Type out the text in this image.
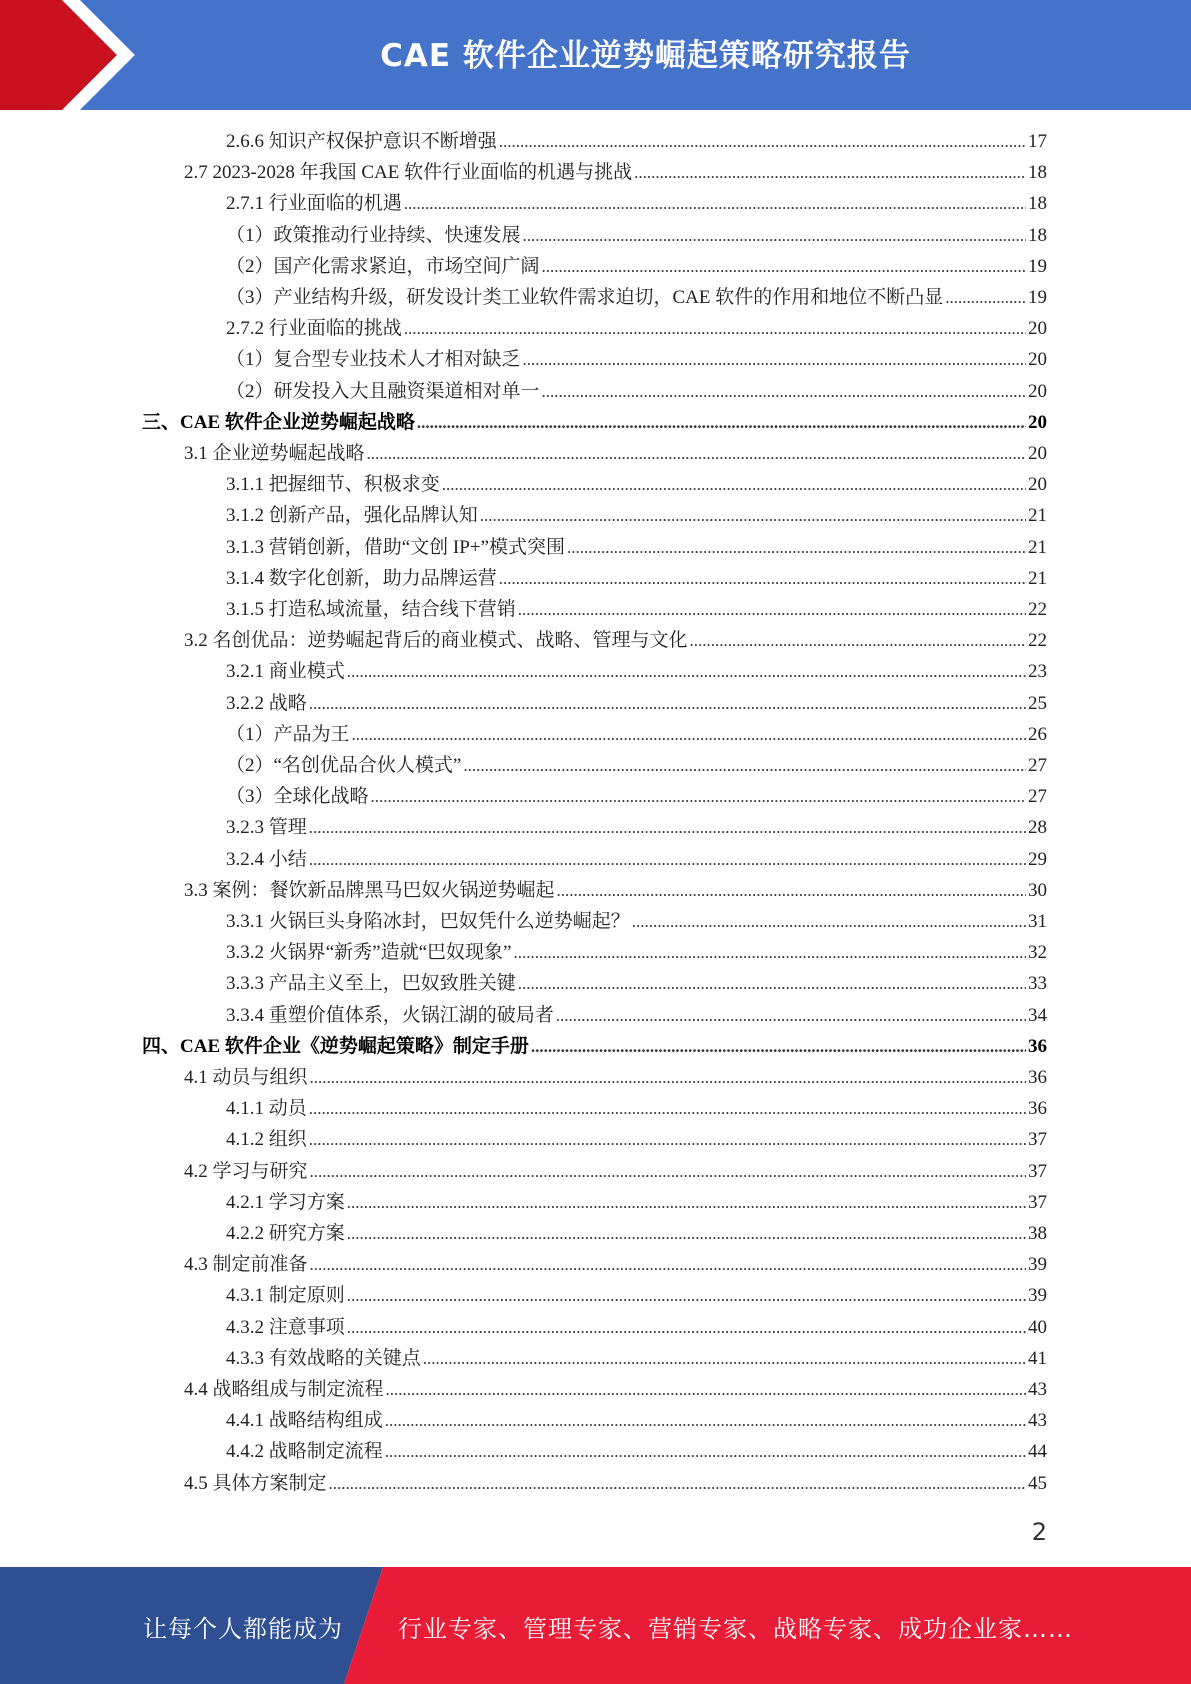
CAE 软件企业逆势崛起策略研究报告
2.6.6 知识产权保护意识不断增强 .....	17
2.7 2023-2028 年我国 CAE 软件行业面临的机遇与挑战 .....	18
2.7.1 行业面临的机遇 .....	18
（1）政策推动行业持续、快速发展 .....	18
（2）国产化需求紧迫，市场空间广阔 .....	19
（3）产业结构升级，研发设计类工业软件需求迫切，CAE 软件的作用和地位不断凸显 .....	19
2.7.2 行业面临的挑战 .....	20
（1）复合型专业技术人才相对缺乏 .....	20
（2）研发投入大且融资渠道相对单一 .....	20
三、CAE 软件企业逆势崛起战略 .....	20
3.1 企业逆势崛起战略 .....	20
3.1.1 把握细节、积极求变 .....	20
3.1.2 创新产品，强化品牌认知 .....	21
3.1.3 营销创新，借助“文创 IP+”模式突围 .....	21
3.1.4 数字化创新，助力品牌运营 .....	21
3.1.5 打造私域流量，结合线下营销 .....	22
3.2 名创优品：逆势崛起背后的商业模式、战略、管理与文化 .....	22
3.2.1 商业模式 .....	23
3.2.2 战略 .....	25
（1）产品为王 .....	26
（2）“名创优品合伙人模式” .....	27
（3）全球化战略 .....	27
3.2.3 管理 .....	28
3.2.4 小结 .....	29
3.3 案例：餐饮新品牌黑马巴奴火锅逆势崛起 .....	30
3.3.1 火锅巨头身陷冰封，巴奴凭什么逆势崛起？ .....	31
3.3.2 火锅界“新秀”造就“巴奴现象” .....	32
3.3.3 产品主义至上，巴奴致胜关键 .....	33
3.3.4 重塑价值体系，火锅江湖的破局者 .....	34
四、CAE 软件企业《逆势崛起策略》制定手册 .....	36
4.1 动员与组织 .....	36
4.1.1 动员 .....	36
4.1.2 组织 .....	37
4.2 学习与研究 .....	37
4.2.1 学习方案 .....	37
4.2.2 研究方案 .....	38
4.3 制定前准备 .....	39
4.3.1 制定原则 .....	39
4.3.2 注意事项 .....	40
4.3.3 有效战略的关键点 .....	41
4.4 战略组成与制定流程 .....	43
4.4.1 战略结构组成 .....	43
4.4.2 战略制定流程 .....	44
4.5 具体方案制定 .....	45
2
让每个人都能成为 行业专家、管理专家、营销专家、战略专家、成功企业家……
